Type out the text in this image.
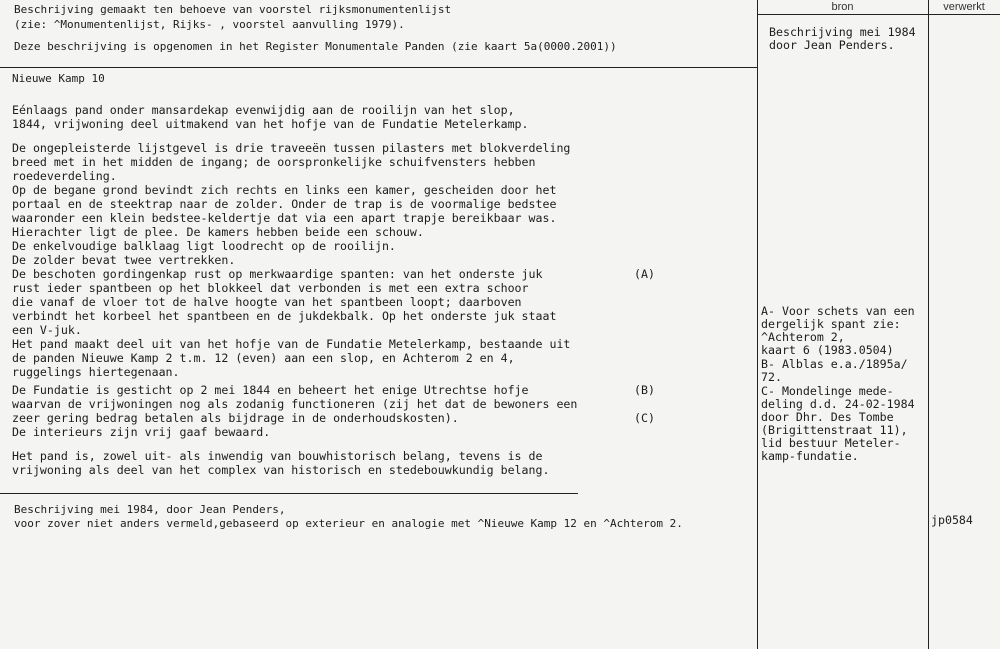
bron	verwerkt
Beschrijving gemaakt ten behoeve van voorstel rijksmonumentenlijst
(zie: ^Monumentenlijst, Rijks- , voorstel aanvulling 1979).
Deze beschrijving is opgenomen in het Register Monumentale Panden (zie kaart 5a(0000.2001))
Nieuwe Kamp 10
Eénlaags pand onder mansardekap evenwijdig aan de rooilijn van het slop,
1844, vrijwoning deel uitmakend van het hofje van de Fundatie Metelerkamp.
De ongepleisterde lijstgevel is drie traveeën tussen pilasters met blokverdeling
breed met in het midden de ingang; de oorspronkelijke schuifvensters hebben
roedeverdeling.
Op de begane grond bevindt zich rechts en links een kamer, gescheiden door het
portaal en de steektrap naar de zolder. Onder de trap is de voormalige bedstee
waaronder een klein bedstee-keldertje dat via een apart trapje bereikbaar was.
Hierachter ligt de plee. De kamers hebben beide een schouw.
De enkelvoudige balklaag ligt loodrecht op de rooilijn.
De zolder bevat twee vertrekken.
De beschoten gordingenkap rust op merkwaardige spanten: van het onderste juk
rust ieder spantbeen op het blokkeel dat verbonden is met een extra schoor
die vanaf de vloer tot de halve hoogte van het spantbeen loopt; daarboven
verbindt het korbeel het spantbeen en de jukdekbalk. Op het onderste juk staat
een V-juk.
Het pand maakt deel uit van het hofje van de Fundatie Metelerkamp, bestaande uit
de panden Nieuwe Kamp 2 t.m. 12 (even) aan een slop, en Achterom 2 en 4,
ruggelings hiertegenaan.
De Fundatie is gesticht op 2 mei 1844 en beheert het enige Utrechtse hofje
waarvan de vrijwoningen nog als zodanig functioneren (zij het dat de bewoners een
zeer gering bedrag betalen als bijdrage in de onderhoudskosten).
De interieurs zijn vrij gaaf bewaard.
(A)
(B)
(C)
Het pand is, zowel uit- als inwendig van bouwhistorisch belang, tevens is de
vrijwoning als deel van het complex van historisch en stedebouwkundig belang.
Beschrijving mei 1984, door Jean Penders,
voor zover niet anders vermeld,gebaseerd op exterieur en analogie met ^Nieuwe Kamp 12 en ^Achterom 2.
Beschrijving mei 1984
door Jean Penders.
A- Voor schets van een
dergelijk spant zie:
^Achterom 2,
kaart 6 (1983.0504)
B- Alblas e.a./1895a/
72.
C- Mondelinge mede-
deling d.d. 24-02-1984
door Dhr. Des Tombe
(Brigittenstraat 11),
lid bestuur Meteler-
kamp-fundatie.
jp0584
